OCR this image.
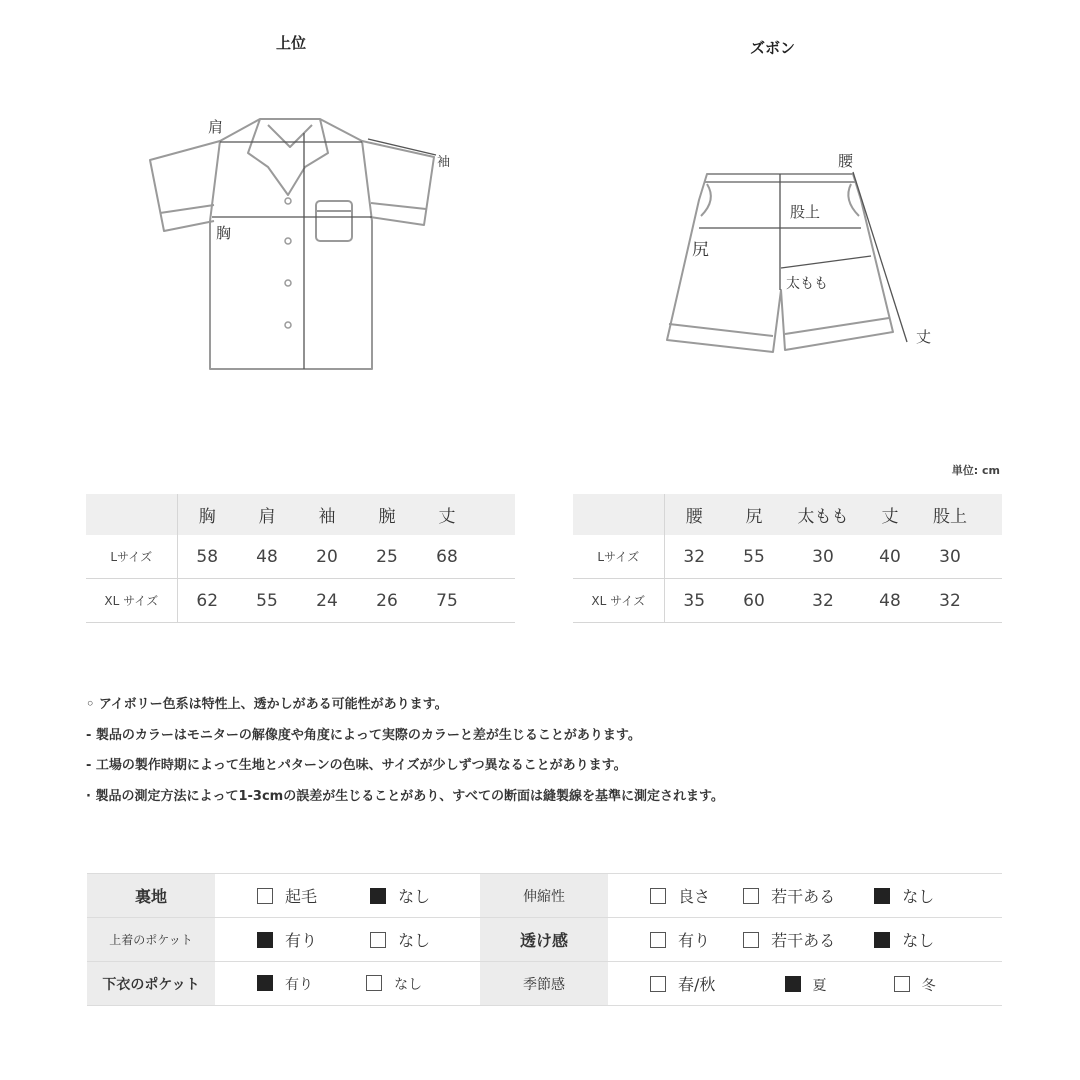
上位	ズボン
肩
袖
胸
腰
股上
尻
太もも
丈
単位: cm
	胸	肩	袖	腕	丈	
Lサイズ	58	48	20	25	68	
XL サイズ	62	55	24	26	75	
	腰	尻	太もも	丈	股上	
Lサイズ	32	55	30	40	30	
XL サイズ	35	60	32	48	32	
◦ アイボリー色系は特性上、透かしがある可能性があります。
- 製品のカラーはモニターの解像度や角度によって実際のカラーと差が生じることがあります。
- 工場の製作時期によって生地とパターンの色味、サイズが少しずつ異なることがあります。
· 製品の測定方法によって1-3cmの誤差が生じることがあり、すべての断面は縫製線を基準に測定されます。
裏地	起毛 なし	伸縮性	良さ 若干ある なし
上着のポケット	有り なし	透け感	有り 若干ある なし
下衣のポケット	有り なし	季節感	春/秋 夏 冬
